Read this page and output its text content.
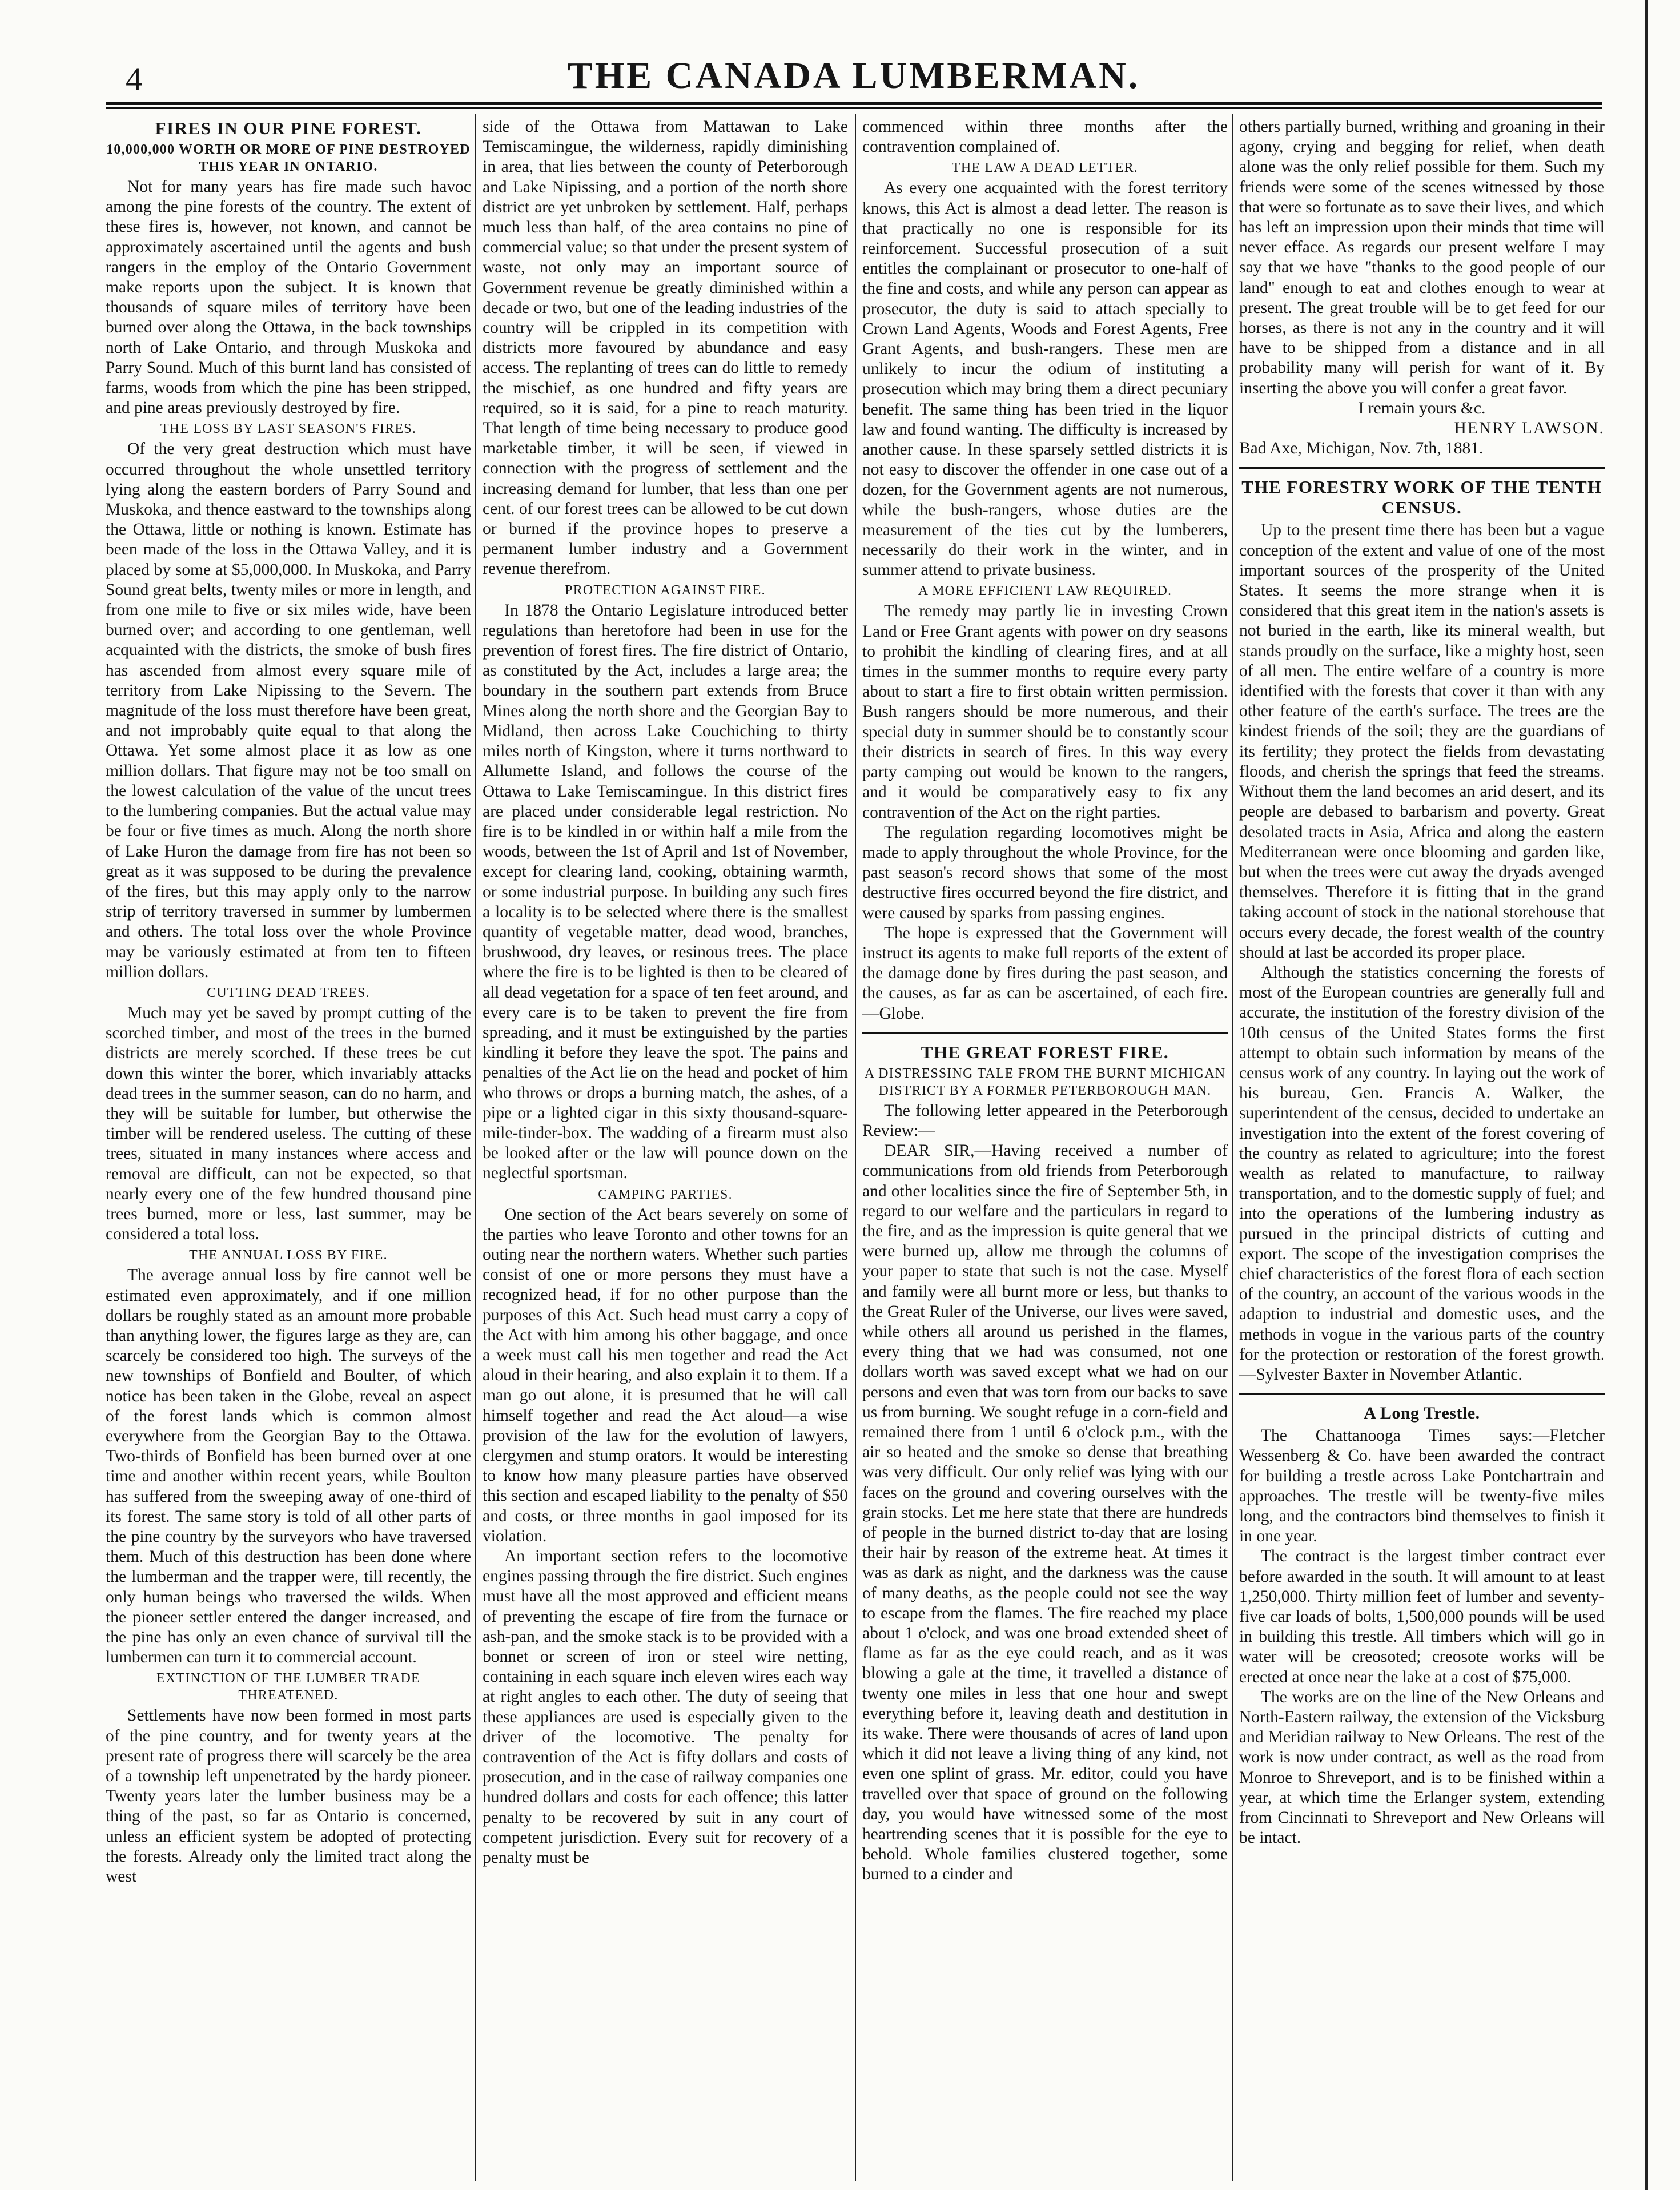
4	THE CANADA LUMBERMAN.
FIRES IN OUR PINE FOREST.
10,000,000 WORTH OR MORE OF PINE DESTROYED THIS YEAR IN ONTARIO.

Not for many years has fire made such havoc among the pine forests of the country. The extent of these fires is, however, not known, and cannot be approximately ascertained until the agents and bush rangers in the employ of the Ontario Government make reports upon the subject. It is known that thousands of square miles of territory have been burned over along the Ottawa, in the back townships north of Lake Ontario, and through Muskoka and Parry Sound. Much of this burnt land has consisted of farms, woods from which the pine has been stripped, and pine areas previously destroyed by fire.

THE LOSS BY LAST SEASON'S FIRES.

Of the very great destruction which must have occurred throughout the whole unsettled territory lying along the eastern borders of Parry Sound and Muskoka, and thence eastward to the townships along the Ottawa, little or nothing is known. Estimate has been made of the loss in the Ottawa Valley, and it is placed by some at $5,000,000. In Muskoka, and Parry Sound great belts, twenty miles or more in length, and from one mile to five or six miles wide, have been burned over; and according to one gentleman, well acquainted with the districts, the smoke of bush fires has ascended from almost every square mile of territory from Lake Nipissing to the Severn. The magnitude of the loss must therefore have been great, and not improbably quite equal to that along the Ottawa. Yet some almost place it as low as one million dollars. That figure may not be too small on the lowest calculation of the value of the uncut trees to the lumbering companies. But the actual value may be four or five times as much. Along the north shore of Lake Huron the damage from fire has not been so great as it was supposed to be during the prevalence of the fires, but this may apply only to the narrow strip of territory traversed in summer by lumbermen and others. The total loss over the whole Province may be variously estimated at from ten to fifteen million dollars.

CUTTING DEAD TREES.

Much may yet be saved by prompt cutting of the scorched timber, and most of the trees in the burned districts are merely scorched. If these trees be cut down this winter the borer, which invariably attacks dead trees in the summer season, can do no harm, and they will be suitable for lumber, but otherwise the timber will be rendered useless. The cutting of these trees, situated in many instances where access and removal are difficult, can not be expected, so that nearly every one of the few hundred thousand pine trees burned, more or less, last summer, may be considered a total loss.

THE ANNUAL LOSS BY FIRE.

The average annual loss by fire cannot well be estimated even approximately, and if one million dollars be roughly stated as an amount more probable than anything lower, the figures large as they are, can scarcely be considered too high. The surveys of the new townships of Bonfield and Boulter, of which notice has been taken in the Globe, reveal an aspect of the forest lands which is common almost everywhere from the Georgian Bay to the Ottawa. Two-thirds of Bonfield has been burned over at one time and another within recent years, while Boulton has suffered from the sweeping away of one-third of its forest. The same story is told of all other parts of the pine country by the surveyors who have traversed them. Much of this destruction has been done where the lumberman and the trapper were, till recently, the only human beings who traversed the wilds. When the pioneer settler entered the danger increased, and the pine has only an even chance of survival till the lumbermen can turn it to commercial account.

EXTINCTION OF THE LUMBER TRADE THREATENED.

Settlements have now been formed in most parts of the pine country, and for twenty years at the present rate of progress there will scarcely be the area of a township left unpenetrated by the hardy pioneer. Twenty years later the lumber business may be a thing of the past, so far as Ontario is concerned, unless an efficient system be adopted of protecting the forests. Already only the limited tract along the west

side of the Ottawa from Mattawan to Lake Temiscamingue, the wilderness, rapidly diminishing in area, that lies between the county of Peterborough and Lake Nipissing, and a portion of the north shore district are yet unbroken by settlement. Half, perhaps much less than half, of the area contains no pine of commercial value; so that under the present system of waste, not only may an important source of Government revenue be greatly diminished within a decade or two, but one of the leading industries of the country will be crippled in its competition with districts more favoured by abundance and easy access. The replanting of trees can do little to remedy the mischief, as one hundred and fifty years are required, so it is said, for a pine to reach maturity. That length of time being necessary to produce good marketable timber, it will be seen, if viewed in connection with the progress of settlement and the increasing demand for lumber, that less than one per cent. of our forest trees can be allowed to be cut down or burned if the province hopes to preserve a permanent lumber industry and a Government revenue therefrom.

PROTECTION AGAINST FIRE.

In 1878 the Ontario Legislature introduced better regulations than heretofore had been in use for the prevention of forest fires. The fire district of Ontario, as constituted by the Act, includes a large area; the boundary in the southern part extends from Bruce Mines along the north shore and the Georgian Bay to Midland, then across Lake Couchiching to thirty miles north of Kingston, where it turns northward to Allumette Island, and follows the course of the Ottawa to Lake Temiscamingue. In this district fires are placed under considerable legal restriction. No fire is to be kindled in or within half a mile from the woods, between the 1st of April and 1st of November, except for clearing land, cooking, obtaining warmth, or some industrial purpose. In building any such fires a locality is to be selected where there is the smallest quantity of vegetable matter, dead wood, branches, brushwood, dry leaves, or resinous trees. The place where the fire is to be lighted is then to be cleared of all dead vegetation for a space of ten feet around, and every care is to be taken to prevent the fire from spreading, and it must be extinguished by the parties kindling it before they leave the spot. The pains and penalties of the Act lie on the head and pocket of him who throws or drops a burning match, the ashes, of a pipe or a lighted cigar in this sixty thousand-square-mile-tinder-box. The wadding of a firearm must also be looked after or the law will pounce down on the neglectful sportsman.

CAMPING PARTIES.

One section of the Act bears severely on some of the parties who leave Toronto and other towns for an outing near the northern waters. Whether such parties consist of one or more persons they must have a recognized head, if for no other purpose than the purposes of this Act. Such head must carry a copy of the Act with him among his other baggage, and once a week must call his men together and read the Act aloud in their hearing, and also explain it to them. If a man go out alone, it is presumed that he will call himself together and read the Act aloud—a wise provision of the law for the evolution of lawyers, clergymen and stump orators. It would be interesting to know how many pleasure parties have observed this section and escaped liability to the penalty of $50 and costs, or three months in gaol imposed for its violation.

An important section refers to the locomotive engines passing through the fire district. Such engines must have all the most approved and efficient means of preventing the escape of fire from the furnace or ash-pan, and the smoke stack is to be provided with a bonnet or screen of iron or steel wire netting, containing in each square inch eleven wires each way at right angles to each other. The duty of seeing that these appliances are used is especially given to the driver of the locomotive. The penalty for contravention of the Act is fifty dollars and costs of prosecution, and in the case of railway companies one hundred dollars and costs for each offence; this latter penalty to be recovered by suit in any court of competent jurisdiction. Every suit for recovery of a penalty must be

commenced within three months after the contravention complained of.

THE LAW A DEAD LETTER.

As every one acquainted with the forest territory knows, this Act is almost a dead letter. The reason is that practically no one is responsible for its reinforcement. Successful prosecution of a suit entitles the complainant or prosecutor to one-half of the fine and costs, and while any person can appear as prosecutor, the duty is said to attach specially to Crown Land Agents, Woods and Forest Agents, Free Grant Agents, and bush-rangers. These men are unlikely to incur the odium of instituting a prosecution which may bring them a direct pecuniary benefit. The same thing has been tried in the liquor law and found wanting. The difficulty is increased by another cause. In these sparsely settled districts it is not easy to discover the offender in one case out of a dozen, for the Government agents are not numerous, while the bush-rangers, whose duties are the measurement of the ties cut by the lumberers, necessarily do their work in the winter, and in summer attend to private business.

A MORE EFFICIENT LAW REQUIRED.

The remedy may partly lie in investing Crown Land or Free Grant agents with power on dry seasons to prohibit the kindling of clearing fires, and at all times in the summer months to require every party about to start a fire to first obtain written permission. Bush rangers should be more numerous, and their special duty in summer should be to constantly scour their districts in search of fires. In this way every party camping out would be known to the rangers, and it would be comparatively easy to fix any contravention of the Act on the right parties.

The regulation regarding locomotives might be made to apply throughout the whole Province, for the past season's record shows that some of the most destructive fires occurred beyond the fire district, and were caused by sparks from passing engines.

The hope is expressed that the Government will instruct its agents to make full reports of the extent of the damage done by fires during the past season, and the causes, as far as can be ascertained, of each fire.—Globe.

THE GREAT FOREST FIRE.
A DISTRESSING TALE FROM THE BURNT MICHIGAN DISTRICT BY A FORMER PETERBOROUGH MAN.

The following letter appeared in the Peterborough Review:—

DEAR SIR,—Having received a number of communications from old friends from Peterborough and other localities since the fire of September 5th, in regard to our welfare and the particulars in regard to the fire, and as the impression is quite general that we were burned up, allow me through the columns of your paper to state that such is not the case. Myself and family were all burnt more or less, but thanks to the Great Ruler of the Universe, our lives were saved, while others all around us perished in the flames, every thing that we had was consumed, not one dollars worth was saved except what we had on our persons and even that was torn from our backs to save us from burning. We sought refuge in a corn-field and remained there from 1 until 6 o'clock p.m., with the air so heated and the smoke so dense that breathing was very difficult. Our only relief was lying with our faces on the ground and covering ourselves with the grain stocks. Let me here state that there are hundreds of people in the burned district to-day that are losing their hair by reason of the extreme heat. At times it was as dark as night, and the darkness was the cause of many deaths, as the people could not see the way to escape from the flames. The fire reached my place about 1 o'clock, and was one broad extended sheet of flame as far as the eye could reach, and as it was blowing a gale at the time, it travelled a distance of twenty one miles in less that one hour and swept everything before it, leaving death and destitution in its wake. There were thousands of acres of land upon which it did not leave a living thing of any kind, not even one splint of grass. Mr. editor, could you have travelled over that space of ground on the following day, you would have witnessed some of the most heartrending scenes that it is possible for the eye to behold. Whole families clustered together, some burned to a cinder and

others partially burned, writhing and groaning in their agony, crying and begging for relief, when death alone was the only relief possible for them. Such my friends were some of the scenes witnessed by those that were so fortunate as to save their lives, and which has left an impression upon their minds that time will never efface. As regards our present welfare I may say that we have "thanks to the good people of our land" enough to eat and clothes enough to wear at present. The great trouble will be to get feed for our horses, as there is not any in the country and it will have to be shipped from a distance and in all probability many will perish for want of it. By inserting the above you will confer a great favor.

I remain yours &c.

HENRY LAWSON.

Bad Axe, Michigan, Nov. 7th, 1881.

THE FORESTRY WORK OF THE TENTH CENSUS.

Up to the present time there has been but a vague conception of the extent and value of one of the most important sources of the prosperity of the United States. It seems the more strange when it is considered that this great item in the nation's assets is not buried in the earth, like its mineral wealth, but stands proudly on the surface, like a mighty host, seen of all men. The entire welfare of a country is more identified with the forests that cover it than with any other feature of the earth's surface. The trees are the kindest friends of the soil; they are the guardians of its fertility; they protect the fields from devastating floods, and cherish the springs that feed the streams. Without them the land becomes an arid desert, and its people are debased to barbarism and poverty. Great desolated tracts in Asia, Africa and along the eastern Mediterranean were once blooming and garden like, but when the trees were cut away the dryads avenged themselves. Therefore it is fitting that in the grand taking account of stock in the national storehouse that occurs every decade, the forest wealth of the country should at last be accorded its proper place.

Although the statistics concerning the forests of most of the European countries are generally full and accurate, the institution of the forestry division of the 10th census of the United States forms the first attempt to obtain such information by means of the census work of any country. In laying out the work of his bureau, Gen. Francis A. Walker, the superintendent of the census, decided to undertake an investigation into the extent of the forest covering of the country as related to agriculture; into the forest wealth as related to manufacture, to railway transportation, and to the domestic supply of fuel; and into the operations of the lumbering industry as pursued in the principal districts of cutting and export. The scope of the investigation comprises the chief characteristics of the forest flora of each section of the country, an account of the various woods in the adaption to industrial and domestic uses, and the methods in vogue in the various parts of the country for the protection or restoration of the forest growth.—Sylvester Baxter in November Atlantic.

A Long Trestle.

The Chattanooga Times says:—Fletcher Wessenberg & Co. have been awarded the contract for building a trestle across Lake Pontchartrain and approaches. The trestle will be twenty-five miles long, and the contractors bind themselves to finish it in one year.

The contract is the largest timber contract ever before awarded in the south. It will amount to at least 1,250,000. Thirty million feet of lumber and seventy-five car loads of bolts, 1,500,000 pounds will be used in building this trestle. All timbers which will go in water will be creosoted; creosote works will be erected at once near the lake at a cost of $75,000.

The works are on the line of the New Orleans and North-Eastern railway, the extension of the Vicksburg and Meridian railway to New Orleans. The rest of the work is now under contract, as well as the road from Monroe to Shreveport, and is to be finished within a year, at which time the Erlanger system, extending from Cincinnati to Shreveport and New Orleans will be intact.
